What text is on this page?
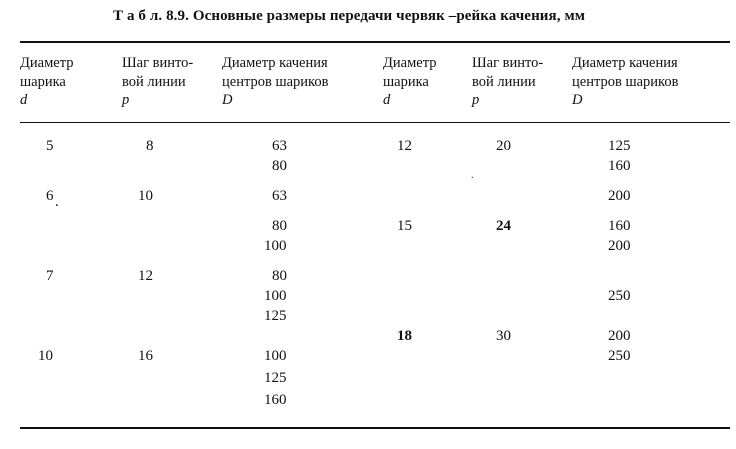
Т а б л. 8.9. Основные размеры передачи червяк –рейка качения, мм
Диаметр
шарика
d
Шаг винто-
вой линии
p
Диаметр качения
центров шариков
D
Диаметр
шарика
d
Шаг винто-
вой линии
p
Диаметр качения
центров шариков
D
5
6 .
7
10
8
10
12
16
63
80
63
80
100
80
100
125
100
125
160
12
15
18
20
.
24
30
125
160
200
160
200
250
200
250
